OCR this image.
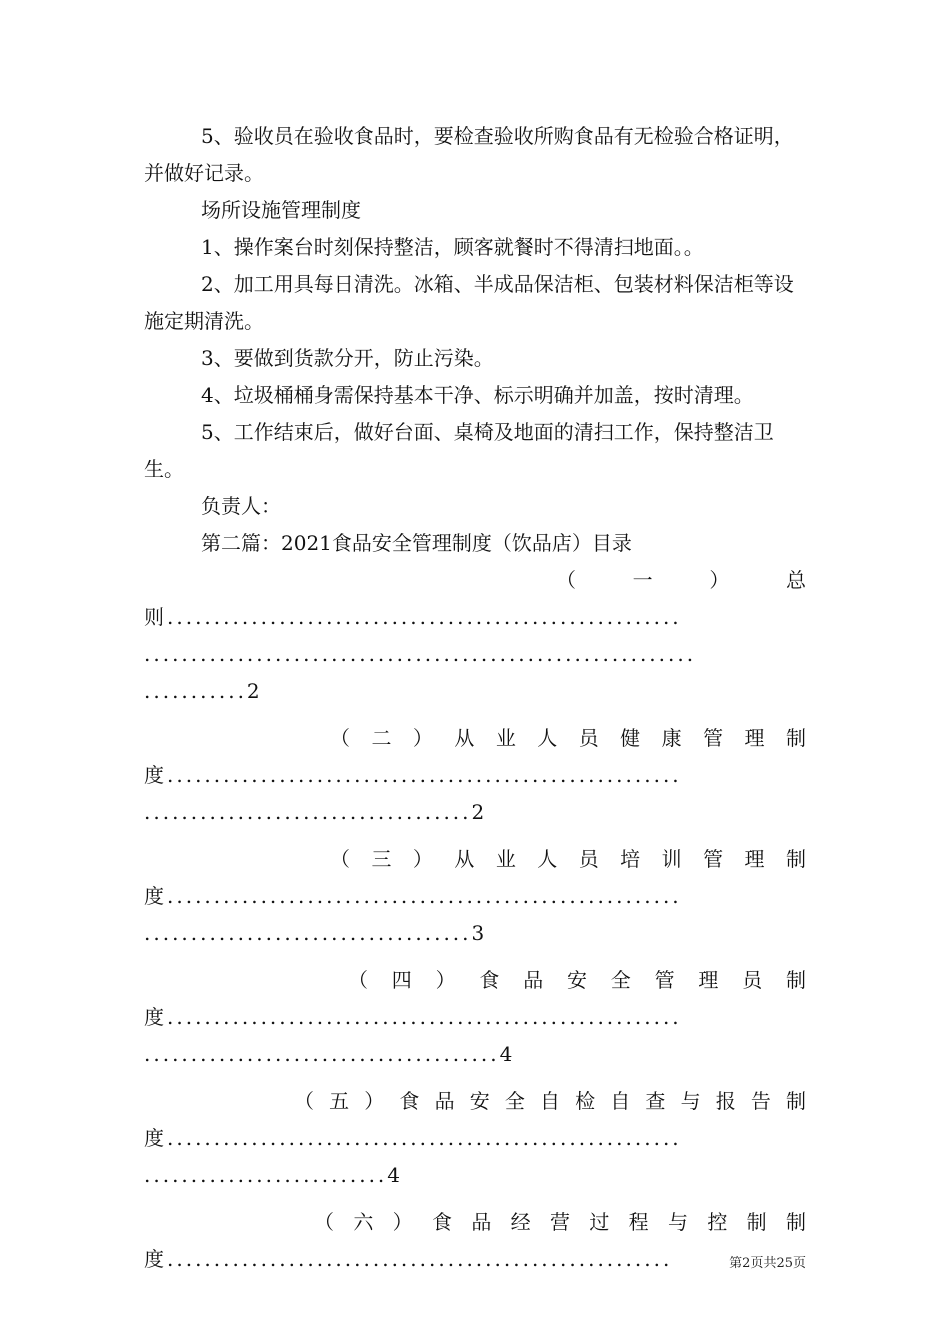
5、验收员在验收食品时，要检查验收所购食品有无检验合格证明，并做好记录。

场所设施管理制度

1、操作案台时刻保持整洁，顾客就餐时不得清扫地面。。

2、加工用具每日清洗。冰箱、半成品保洁柜、包装材料保洁柜等设施定期清洗。

3、要做到货款分开，防止污染。

4、垃圾桶桶身需保持基本干净、标示明确并加盖，按时清理。

5、工作结束后，做好台面、桌椅及地面的清扫工作，保持整洁卫生。

负责人：

第二篇：2021食品安全管理制度（饮品店）目录

（一）总

则.......................................................

...........................................................

...........2

（二）从业人员健康管理制

度.......................................................

...................................2

（三）从业人员培训管理制

度.......................................................

...................................3

（四）食品安全管理员制

度.......................................................

......................................4

（五）食品安全自检自查与报告制

度.......................................................

..........................4

（六）食品经营过程与控制制

度......................................................	第2页共25页
